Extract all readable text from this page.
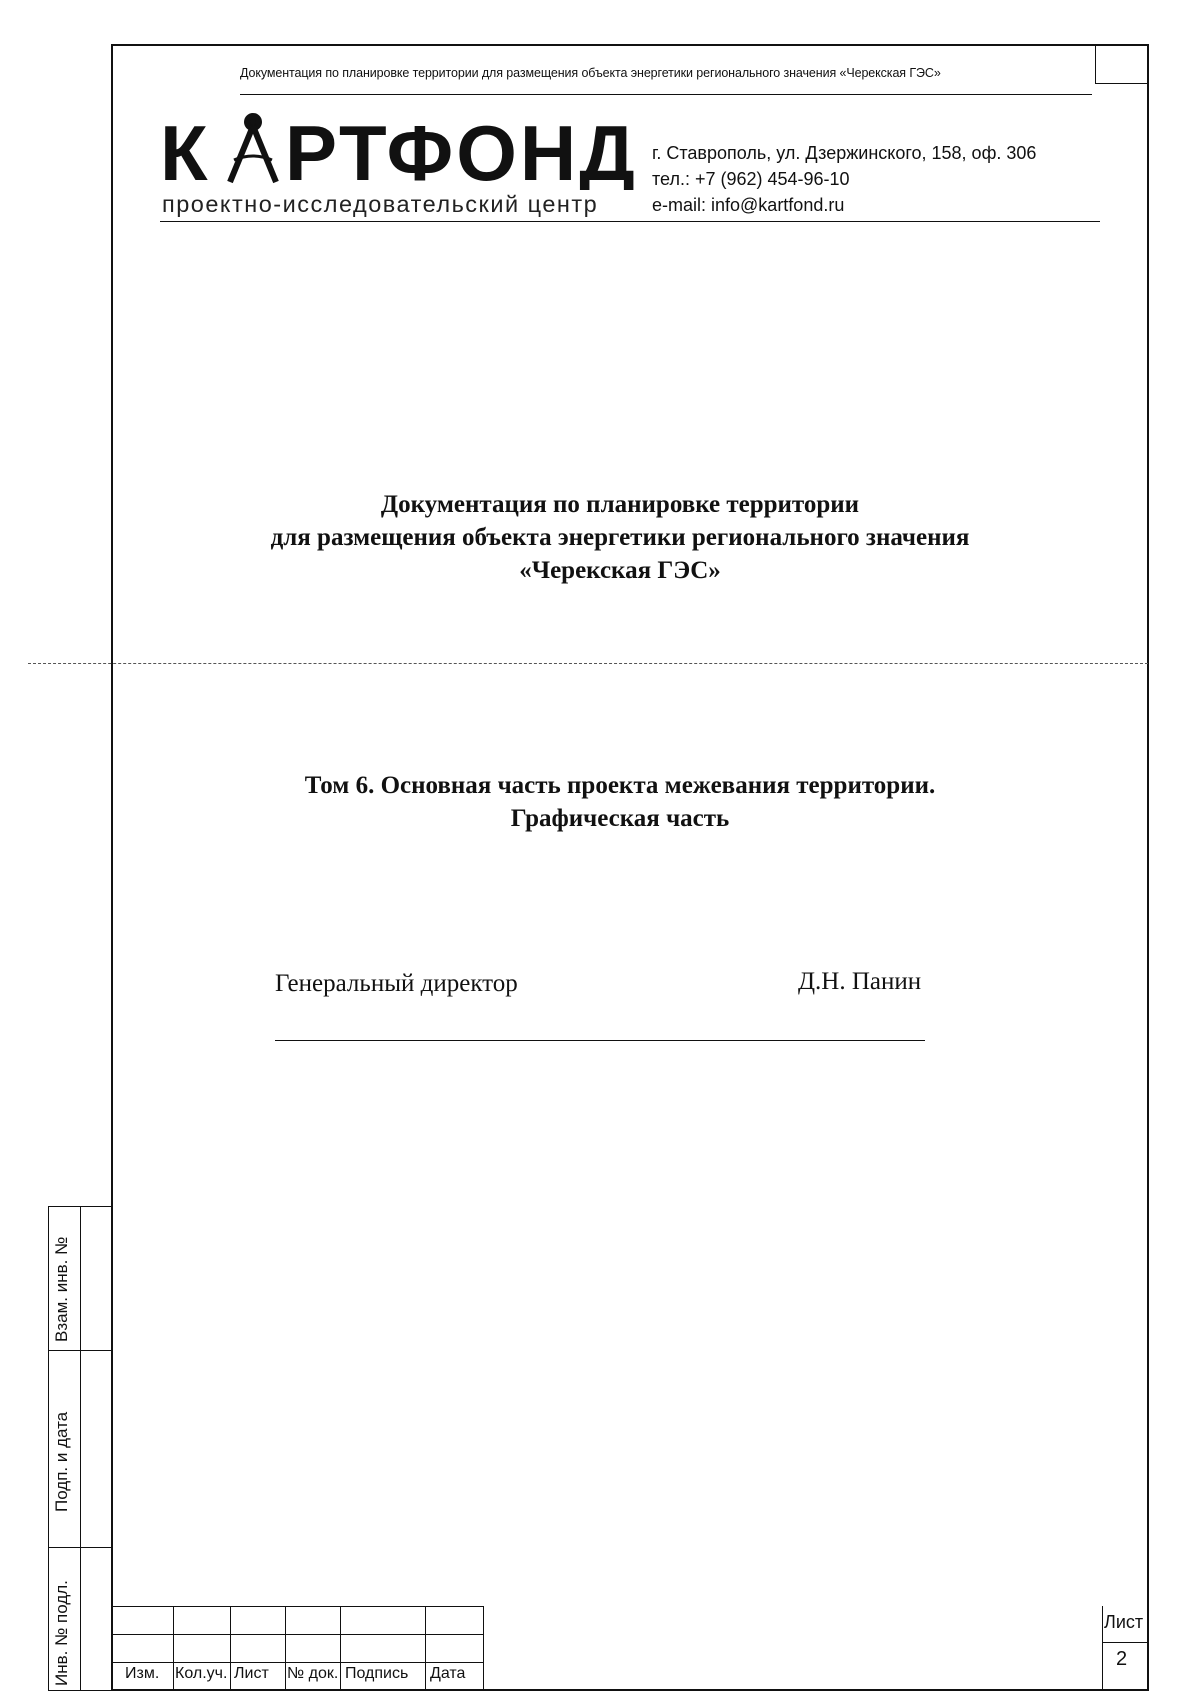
Документация по планировке территории для размещения объекта энергетики регионального значения «Черекская ГЭС»
К РТФОНД
проектно-исследовательский центр
г. Ставрополь, ул. Дзержинского, 158, оф. 306
тел.: +7 (962) 454-96-10
e-mail: info@kartfond.ru
Документация по планировке территории
для размещения объекта энергетики регионального значения
«Черекская ГЭС»
Том 6. Основная часть проекта межевания территории.
Графическая часть
Генеральный директор	Д.Н. Панин
Взам. инв. №
Подп. и дата
Инв. № подл.	Изм. Кол.уч. Лист № док. Подпись Дата
Лист
2
